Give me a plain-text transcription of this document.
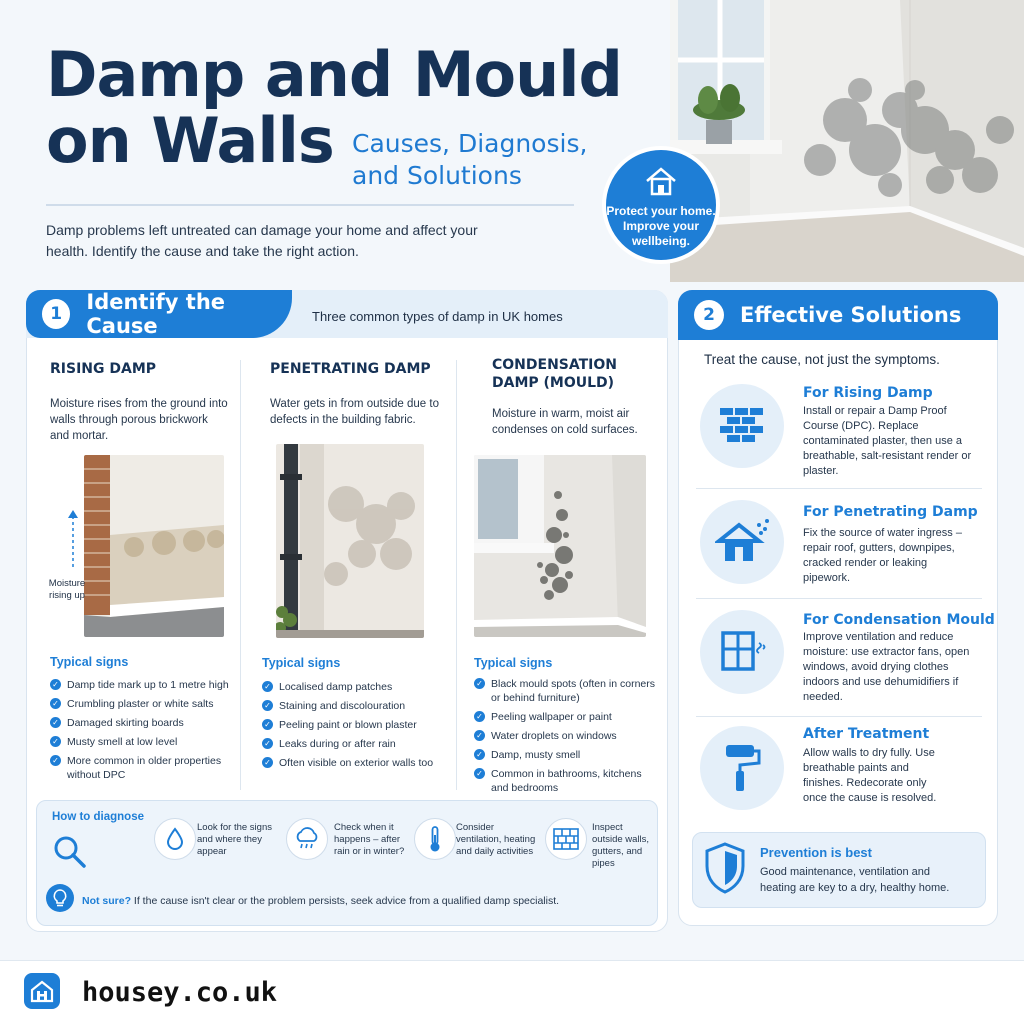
Damp and Mould on Walls Causes, Diagnosis, and Solutions
Damp problems left untreated can damage your home and affect your health. Identify the cause and take the right action.
Protect your home. Improve your wellbeing.
1	Identify the Cause	Three common types of damp in UK homes
RISING DAMP
Moisture rises from the ground into walls through porous brickwork and mortar.
PENETRATING DAMP
Water gets in from outside due to defects in the building fabric.
CONDENSATION DAMP (MOULD)
Moisture in warm, moist air condenses on cold surfaces.
Moisture rising up
Typical signs
✓ Damp tide mark up to 1 metre high
✓ Crumbling plaster or white salts
✓ Damaged skirting boards
✓ Musty smell at low level
✓ More common in older properties without DPC
Typical signs
✓ Localised damp patches
✓ Staining and discolouration
✓ Peeling paint or blown plaster
✓ Leaks during or after rain
✓ Often visible on exterior walls too
Typical signs
✓ Black mould spots (often in corners or behind furniture)
✓ Peeling wallpaper or paint
✓ Water droplets on windows
✓ Damp, musty smell
✓ Common in bathrooms, kitchens and bedrooms
How to diagnose
Look for the signs and where they appear
Check when it happens – after rain or in winter?
Consider ventilation, heating and daily activities
Inspect outside walls, gutters, and pipes
Not sure? If the cause isn't clear or the problem persists, seek advice from a qualified damp specialist.
2	Effective Solutions
Treat the cause, not just the symptoms.
For Rising Damp
Install or repair a Damp Proof Course (DPC). Replace contaminated plaster, then use a breathable, salt-resistant render or plaster.
For Penetrating Damp
Fix the source of water ingress – repair roof, gutters, downpipes, cracked render or leaking pipework.
For Condensation Mould
Improve ventilation and reduce moisture: use extractor fans, open windows, avoid drying clothes indoors and use dehumidifiers if needed.
After Treatment
Allow walls to dry fully. Use breathable paints and finishes. Redecorate only once the cause is resolved.
Prevention is best
Good maintenance, ventilation and heating are key to a dry, healthy home.
housey.co.uk
